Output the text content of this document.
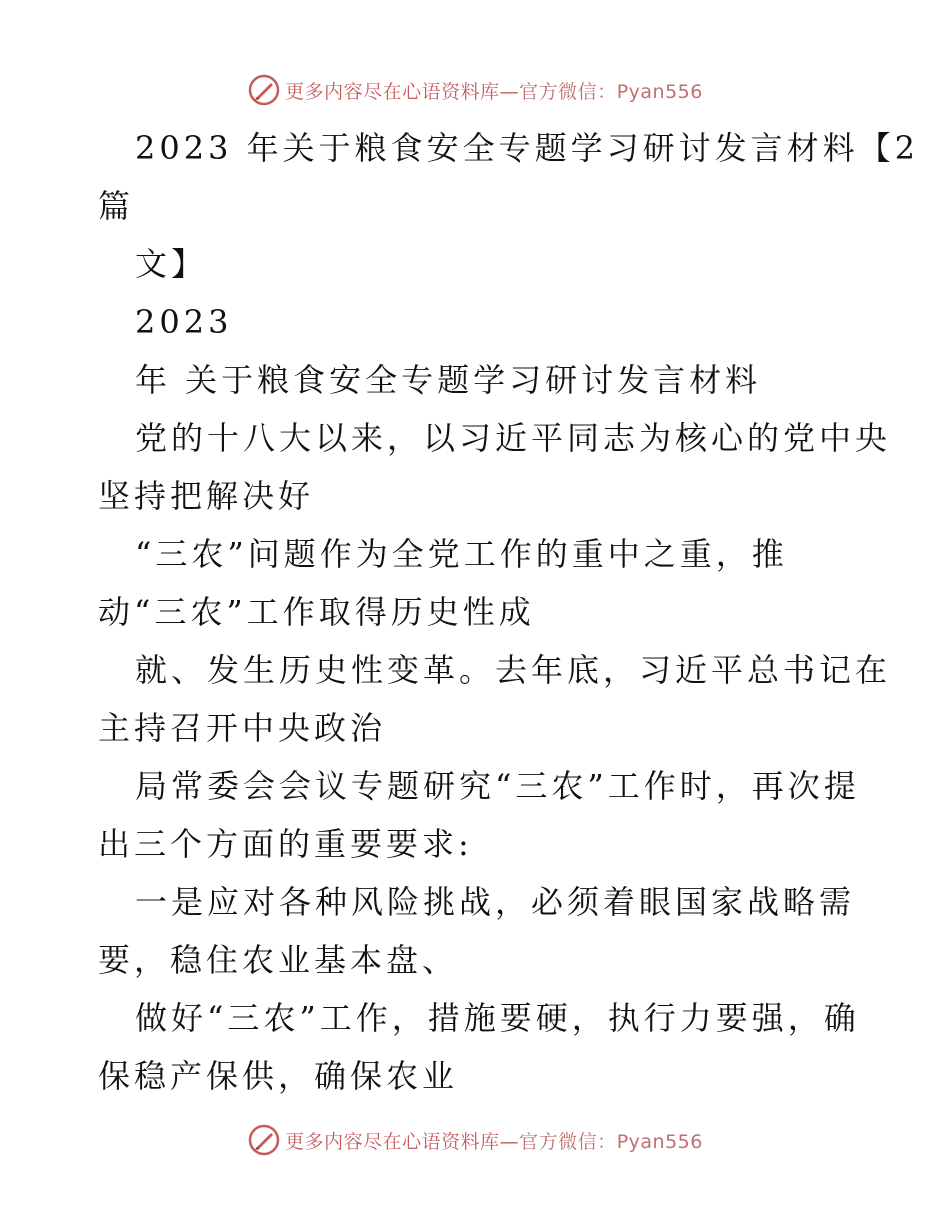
更多内容尽在心语资料库—官方微信：Pyan556
2023 年关于粮食安全专题学习研讨发言材料【2
篇
文】
2023
年 关于粮食安全专题学习研讨发言材料
党的十八大以来，以习近平同志为核心的党中央
坚持把解决好
“三农”问题作为全党工作的重中之重，推
动“三农”工作取得历史性成
就、发生历史性变革。去年底，习近平总书记在
主持召开中央政治
局常委会会议专题研究“三农”工作时，再次提
出三个方面的重要要求:
一是应对各种风险挑战，必须着眼国家战略需
要，稳住农业基本盘、
做好“三农”工作，措施要硬，执行力要强，确
保稳产保供，确保农业
更多内容尽在心语资料库—官方微信：Pyan556
